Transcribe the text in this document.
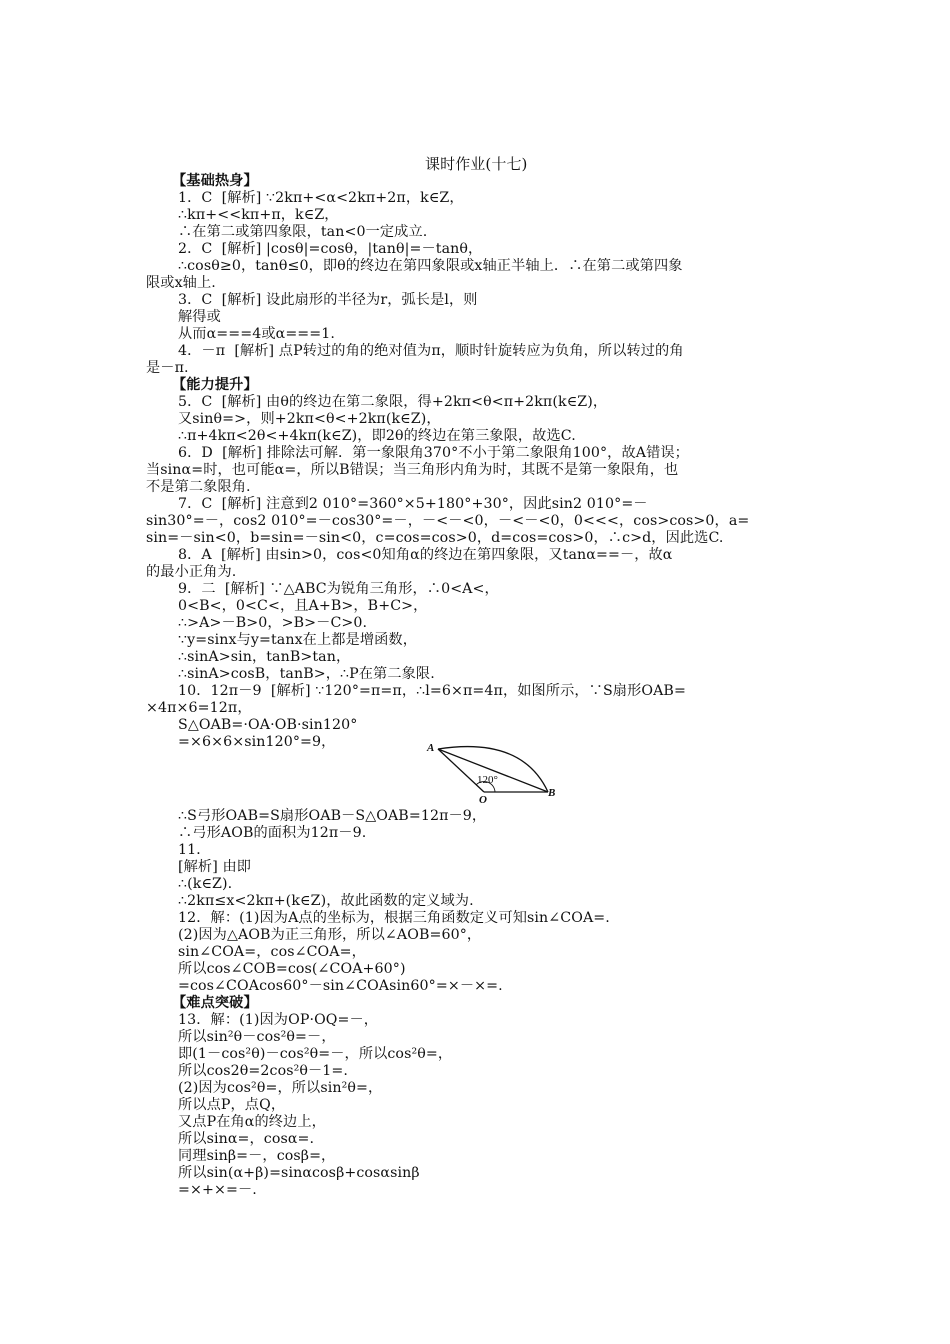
课时作业(十七)
【基础热身】
1．C  [解析] ∵2kπ+<α<2kπ+2π，k∈Z，
∴kπ+<<kπ+π，k∈Z，
∴在第二或第四象限，tan<0一定成立.
2．C  [解析] |cosθ|=cosθ，|tanθ|=－tanθ，
∴cosθ≥0，tanθ≤0，即θ的终边在第四象限或x轴正半轴上．∴在第二或第四象
限或x轴上.
3．C  [解析] 设此扇形的半径为r，弧长是l，则
解得或
从而α===4或α===1.
4．－π  [解析] 点P转过的角的绝对值为π，顺时针旋转应为负角，所以转过的角
是－π.
【能力提升】
5．C  [解析] 由θ的终边在第二象限，得+2kπ<θ<π+2kπ(k∈Z)，
又sinθ=>，则+2kπ<θ<+2kπ(k∈Z)，
∴π+4kπ<2θ<+4kπ(k∈Z)，即2θ的终边在第三象限，故选C.
6．D  [解析] 排除法可解．第一象限角370°不小于第二象限角100°，故A错误；
当sinα=时，也可能α=，所以B错误；当三角形内角为时，其既不是第一象限角，也
不是第二象限角.
7．C  [解析] 注意到2 010°=360°×5+180°+30°，因此sin2 010°=－
sin30°=－，cos2 010°=－cos30°=－，－<－<0，－<－<0，0<<<，cos>cos>0，a=
sin=－sin<0，b=sin=－sin<0，c=cos=cos>0，d=cos=cos>0，∴c>d，因此选C.
8．A  [解析] 由sin>0，cos<0知角α的终边在第四象限，又tanα==－，故α
的最小正角为.
9．二  [解析] ∵△ABC为锐角三角形，∴0<A<，
0<B<，0<C<，且A+B>，B+C>，
∴>A>－B>0，>B>－C>0.
∵y=sinx与y=tanx在上都是增函数，
∴sinA>sin，tanB>tan，
∴sinA>cosB，tanB>，∴P在第二象限.
10．12π－9  [解析] ∵120°=π=π，∴l=6×π=4π，如图所示，∵S扇形OAB=
×4π×6=12π，
S△OAB=·OA·OB·sin120°
=×6×6×sin120°=9，	A
B
O
120°
∴S弓形OAB=S扇形OAB－S△OAB=12π－9，
∴弓形AOB的面积为12π－9.
11．
[解析] 由即
∴(k∈Z).
∴2kπ≤x<2kπ+(k∈Z)，故此函数的定义域为.
12．解：(1)因为A点的坐标为，根据三角函数定义可知sin∠COA=.
(2)因为△AOB为正三角形，所以∠AOB=60°，
sin∠COA=，cos∠COA=，
所以cos∠COB=cos(∠COA+60°)
=cos∠COAcos60°－sin∠COAsin60°=×－×=.
【难点突破】
13．解：(1)因为OP·OQ=－，
所以sin²θ－cos²θ=－，
即(1－cos²θ)－cos²θ=－，所以cos²θ=，
所以cos2θ=2cos²θ－1=.
(2)因为cos²θ=，所以sin²θ=，
所以点P，点Q，
又点P在角α的终边上，
所以sinα=，cosα=.
同理sinβ=－，cosβ=，
所以sin(α+β)=sinαcosβ+cosαsinβ
=×+×=－.
